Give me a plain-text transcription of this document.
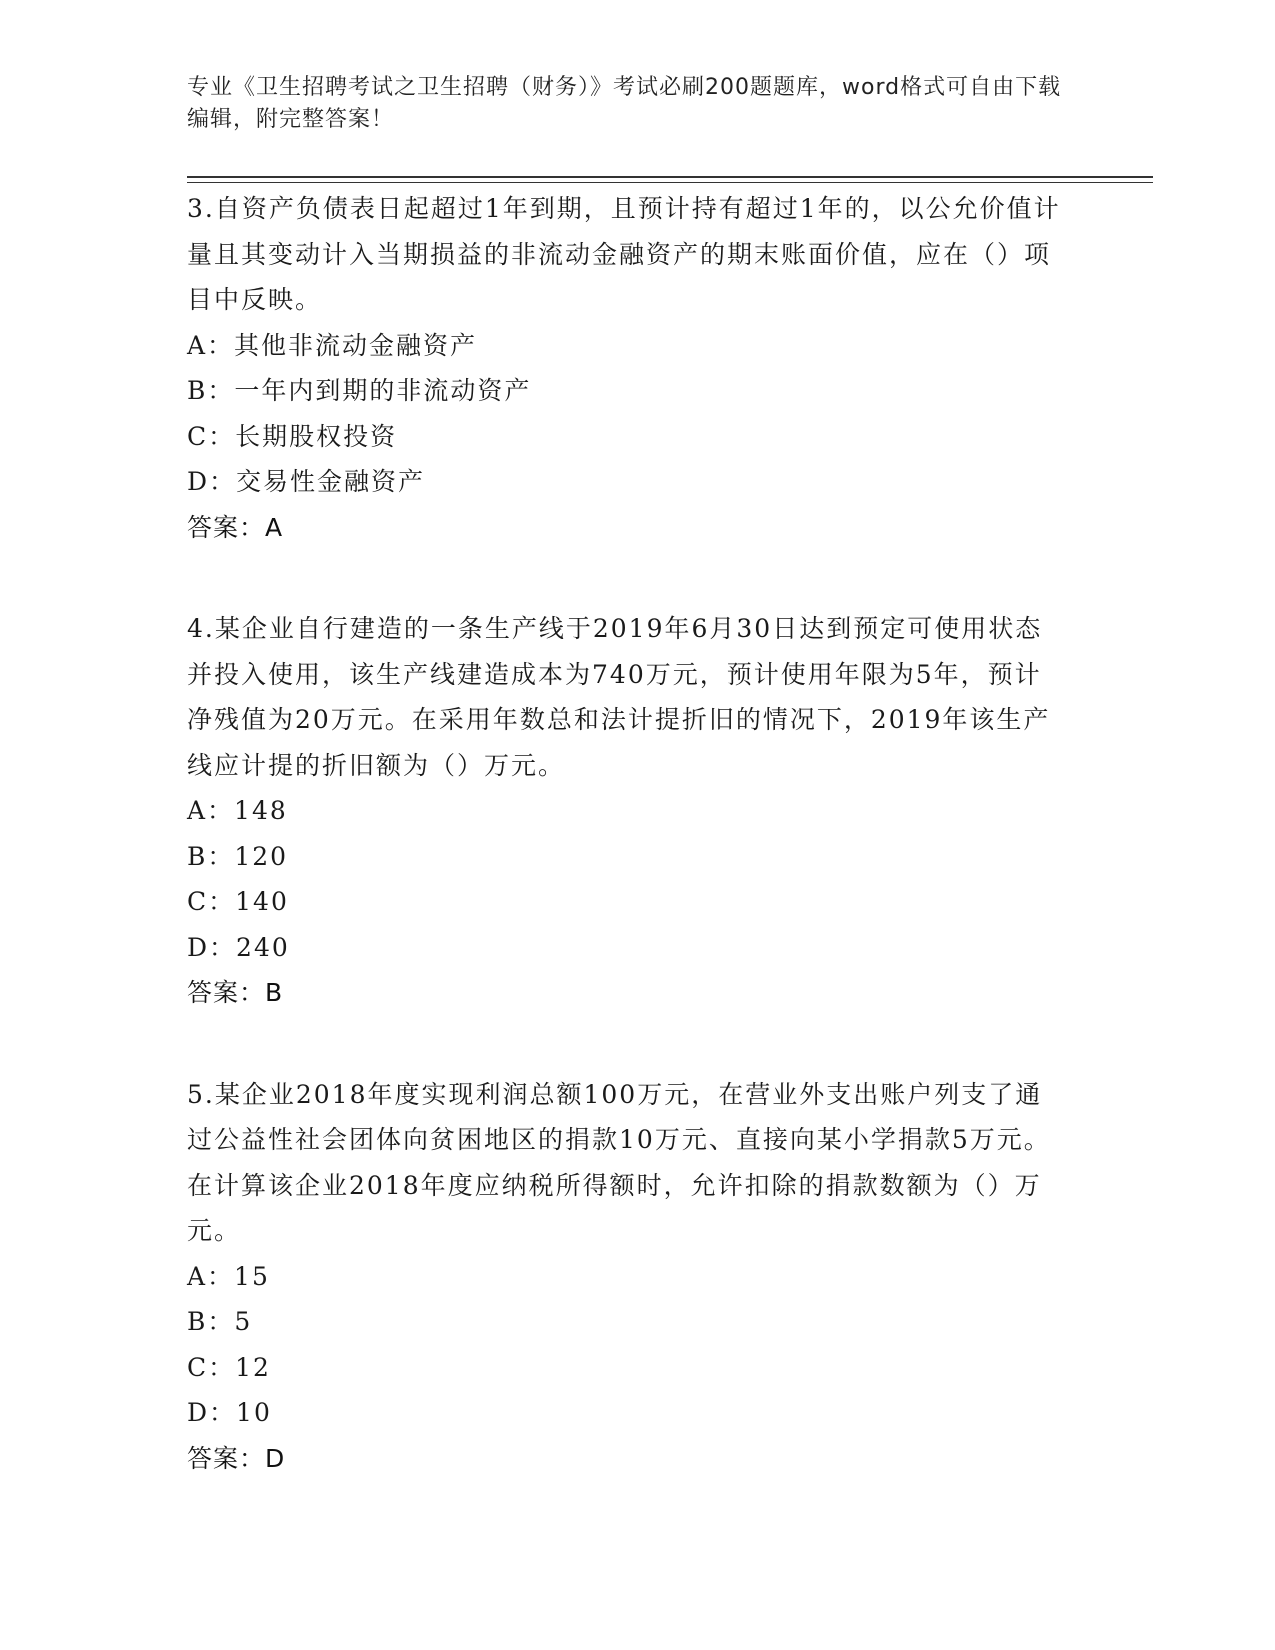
专业《卫生招聘考试之卫生招聘（财务）》考试必刷200题题库，word格式可自由下载编辑，附完整答案！

3.自资产负债表日起超过1年到期，且预计持有超过1年的，以公允价值计量且其变动计入当期损益的非流动金融资产的期末账面价值，应在（）项目中反映。

A：其他非流动金融资产

B：一年内到期的非流动资产

C：长期股权投资

D：交易性金融资产

答案：A

4.某企业自行建造的一条生产线于2019年6月30日达到预定可使用状态并投入使用，该生产线建造成本为740万元，预计使用年限为5年，预计净残值为20万元。在采用年数总和法计提折旧的情况下，2019年该生产线应计提的折旧额为（）万元。

A：148

B：120

C：140

D：240

答案：B

5.某企业2018年度实现利润总额100万元，在营业外支出账户列支了通过公益性社会团体向贫困地区的捐款10万元、直接向某小学捐款5万元。在计算该企业2018年度应纳税所得额时，允许扣除的捐款数额为（）万元。

A：15

B：5

C：12

D：10

答案：D
